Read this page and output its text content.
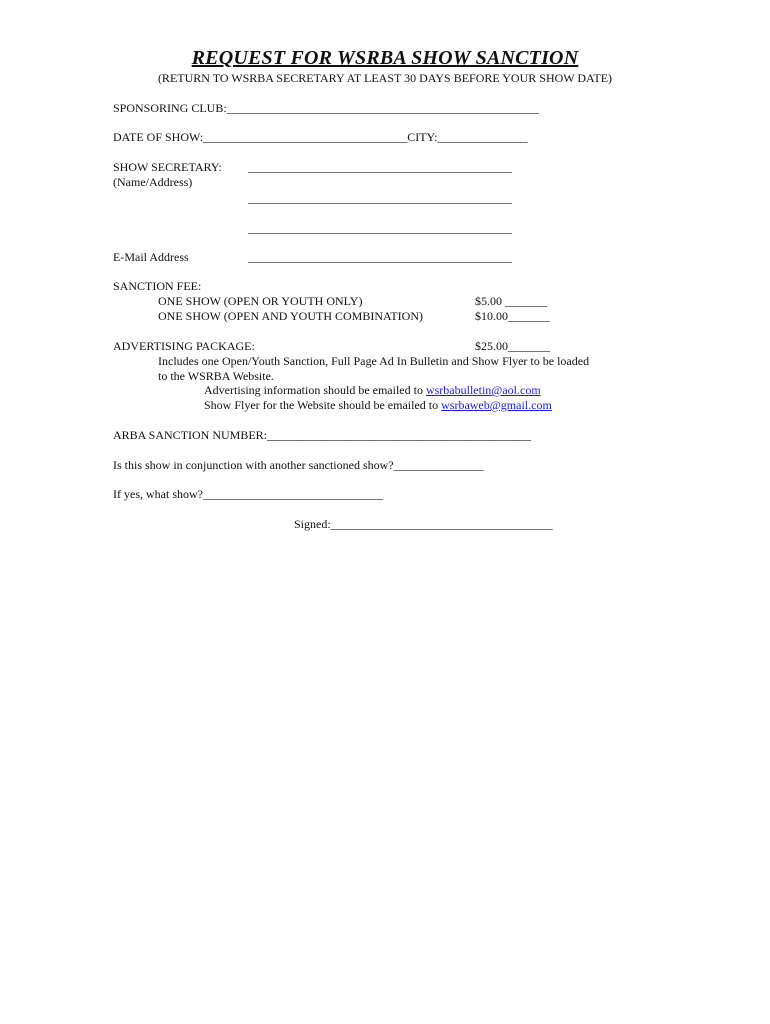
REQUEST FOR WSRBA SHOW SANCTION
(RETURN TO WSRBA SECRETARY AT LEAST 30 DAYS BEFORE YOUR SHOW DATE)
SPONSORING CLUB:____________________________________________________
DATE OF SHOW:__________________________________CITY:_______________
SHOW SECRETARY:
(Name/Address)
____________________________________________
____________________________________________
____________________________________________
E-Mail Address	____________________________________________
SANCTION FEE:
ONE SHOW (OPEN OR YOUTH ONLY)	$5.00 _______
ONE SHOW (OPEN AND YOUTH COMBINATION)	$10.00_______
ADVERTISING PACKAGE:	$25.00_______
Includes one Open/Youth Sanction, Full Page Ad In Bulletin and Show Flyer to be loaded
to the WSRBA Website.
Advertising information should be emailed to wsrbabulletin@aol.com
Show Flyer for the Website should be emailed to wsrbaweb@gmail.com
ARBA SANCTION NUMBER:____________________________________________
Is this show in conjunction with another sanctioned show?_______________
If yes, what show?______________________________
Signed:_____________________________________
